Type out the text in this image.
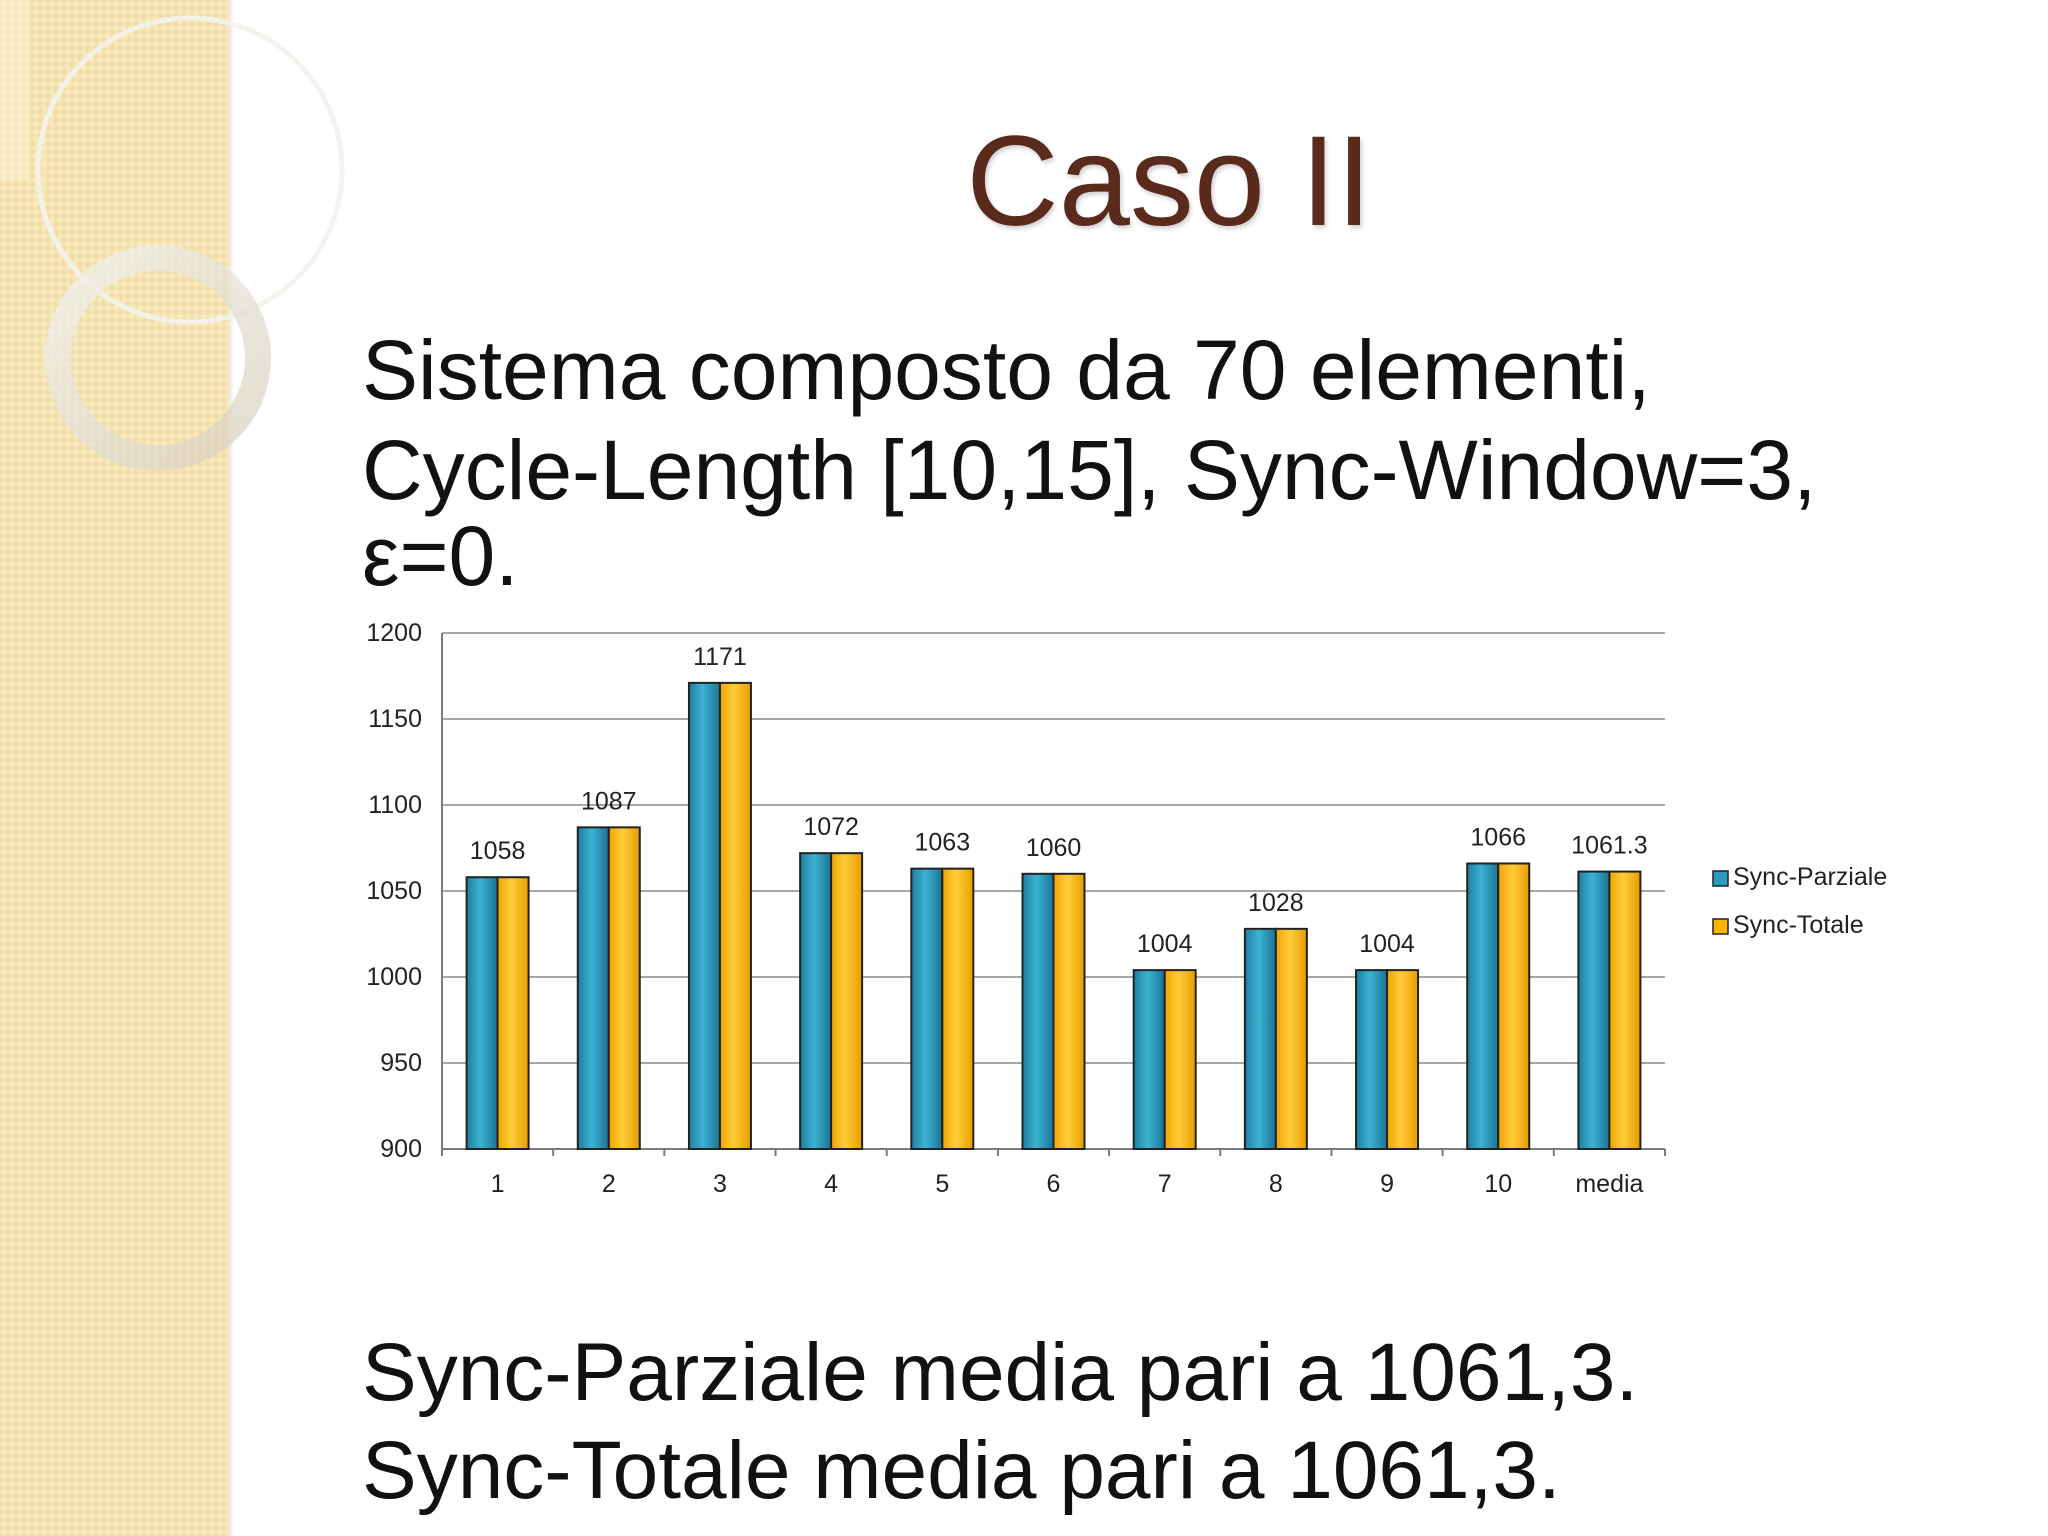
Caso II
Sistema composto da 70 elementi,
Cycle-Length [10,15], Sync-Window=3,
ε=0.
900
950
1000
1050
1100
1150
1200
1058
1
1087
2
1171
3
1072
4
1063
5
1060
6
1004
7
1028
8
1004
9
1066
10
1061.3
media
Sync-Parziale
Sync-Totale
Sync-Parziale media pari a 1061,3.
Sync-Totale media pari a 1061,3.
